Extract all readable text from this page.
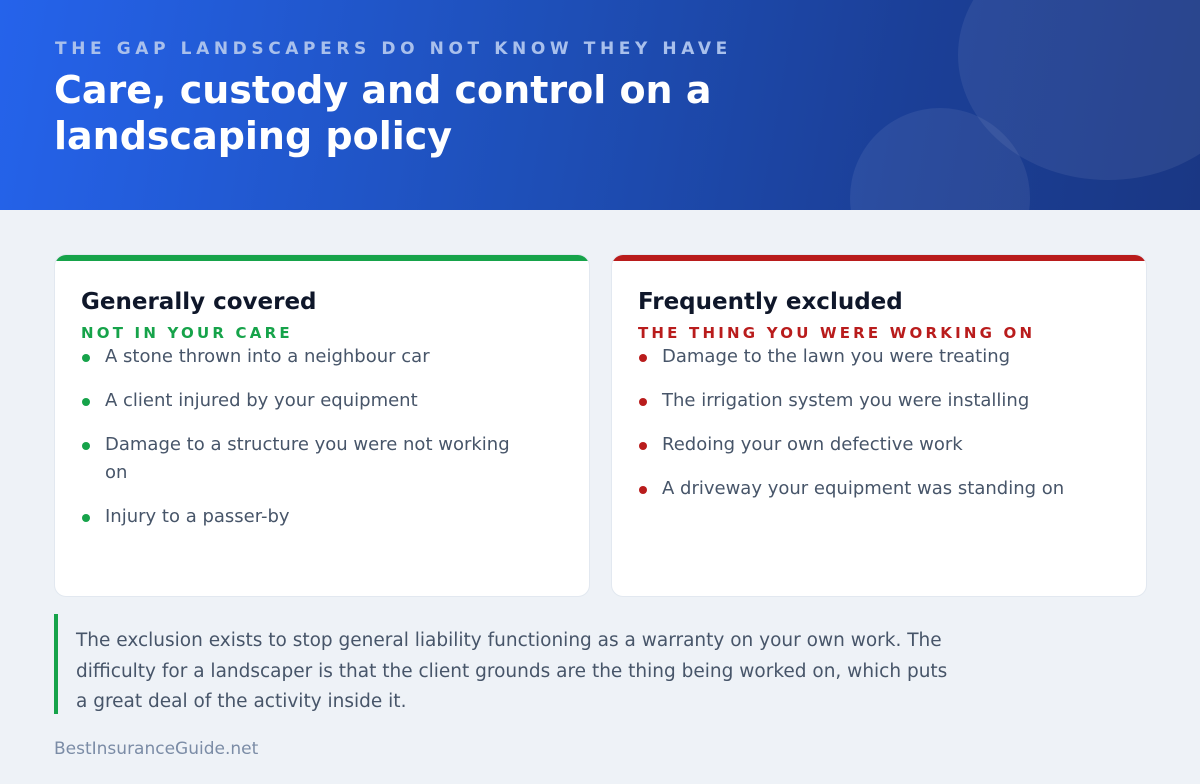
THE GAP LANDSCAPERS DO NOT KNOW THEY HAVE
Care, custody and control on a landscaping policy
Generally covered
NOT IN YOUR CARE
A stone thrown into a neighbour car
A client injured by your equipment
Damage to a structure you were not working on
Injury to a passer-by
Frequently excluded
THE THING YOU WERE WORKING ON
Damage to the lawn you were treating
The irrigation system you were installing
Redoing your own defective work
A driveway your equipment was standing on

The exclusion exists to stop general liability functioning as a warranty on your own work. The difficulty for a landscaper is that the client grounds are the thing being worked on, which puts a great deal of the activity inside it.

BestInsuranceGuide.net
